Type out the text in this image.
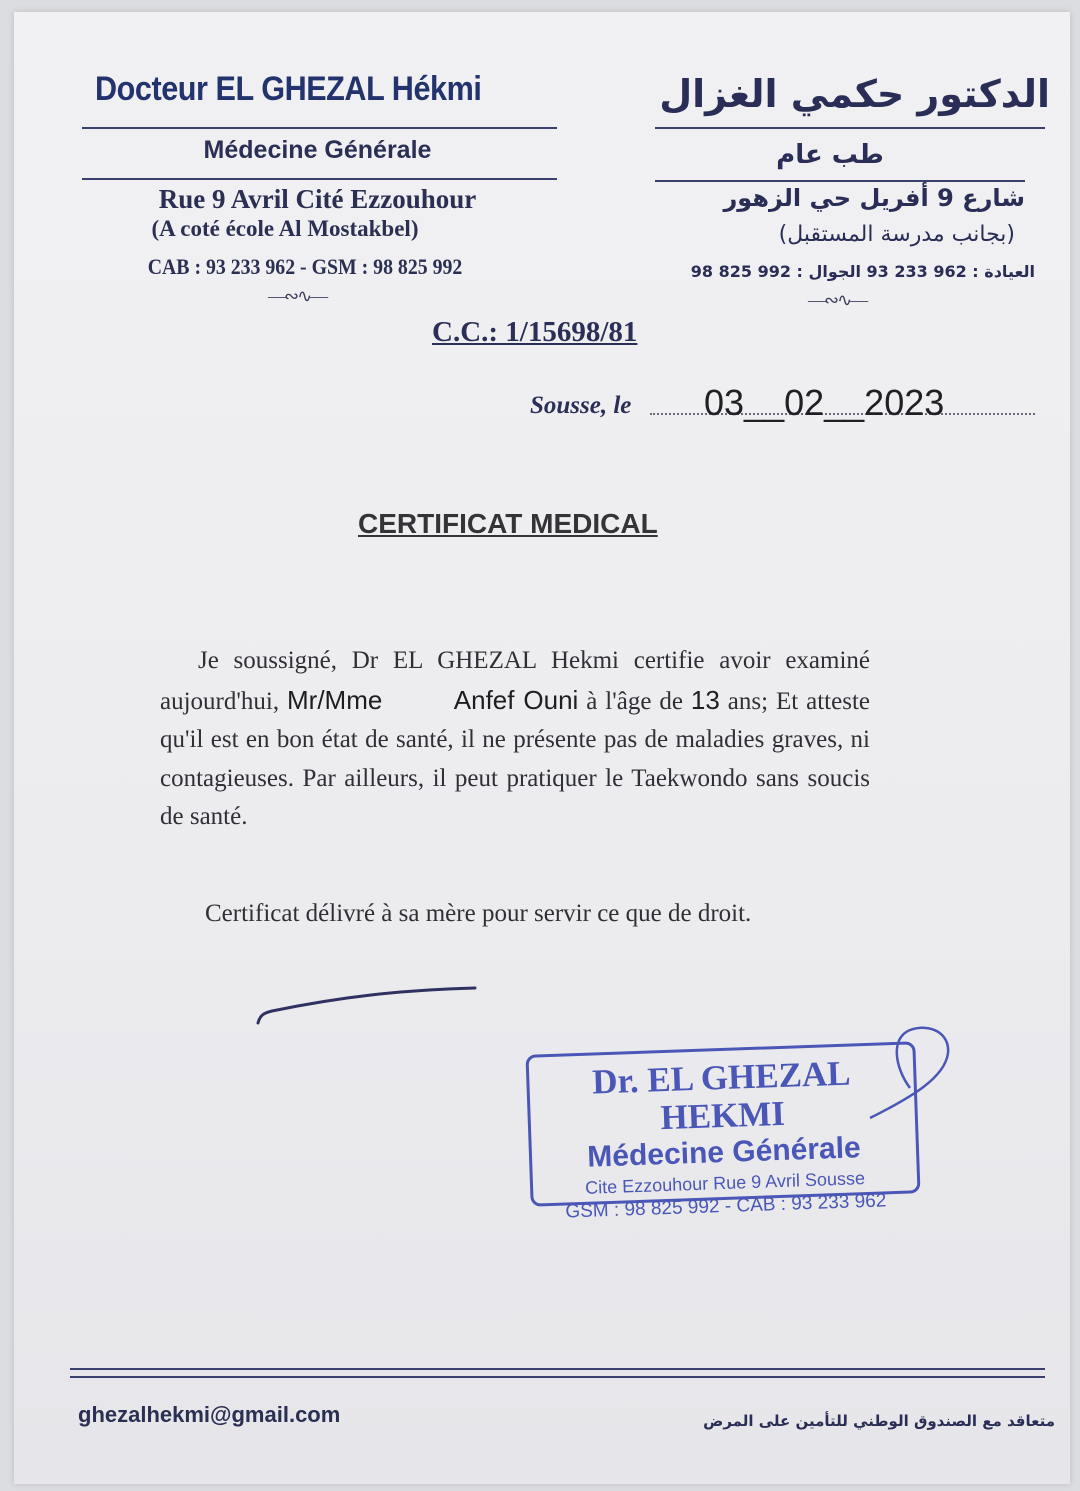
Docteur EL GHEZAL Hékmi
Médecine Générale
Rue 9 Avril Cité Ezzouhour
(A coté école Al Mostakbel)
CAB : 93 233 962 - GSM : 98 825 992
—∾∿—
الدكتور حكمي الغزال
طب عام
شارع 9 أفريل حي الزهور
(بجانب مدرسة المستقبل)
العيادة : 962 233 93 الجوال : 992 825 98
—∾∿—
C.C.: 1/15698/81
Sousse, le 03__02__2023
CERTIFICAT MEDICAL
Je soussigné, Dr EL GHEZAL Hekmi certifie avoir examiné aujourd'hui, Mr/Mme	Anfef Ouni à l'âge de 13 ans; Et atteste qu'il est en bon état de santé, il ne présente pas de maladies graves, ni contagieuses. Par ailleurs, il peut pratiquer le Taekwondo sans soucis de santé.
Certificat délivré à sa mère pour servir ce que de droit.
Dr. EL GHEZAL HEKMI
Médecine Générale
Cite Ezzouhour Rue 9 Avril Sousse
GSM : 98 825 992 - CAB : 93 233 962
ghezalhekmi@gmail.com	متعاقد مع الصندوق الوطني للتأمين على المرض
